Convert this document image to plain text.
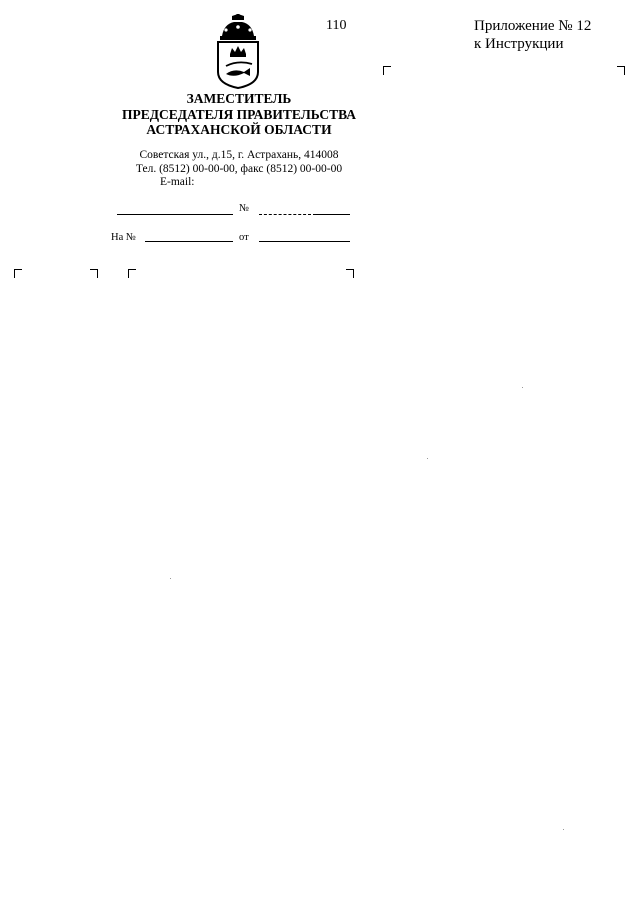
110	Приложение № 12
к Инструкции
ЗАМЕСТИТЕЛЬ
ПРЕДСЕДАТЕЛЯ ПРАВИТЕЛЬСТВА
АСТРАХАНСКОЙ ОБЛАСТИ
Советская ул., д.15, г. Астрахань, 414008
Тел. (8512) 00-00-00, факс (8512) 00-00-00
E-mail:
№
На №	от
